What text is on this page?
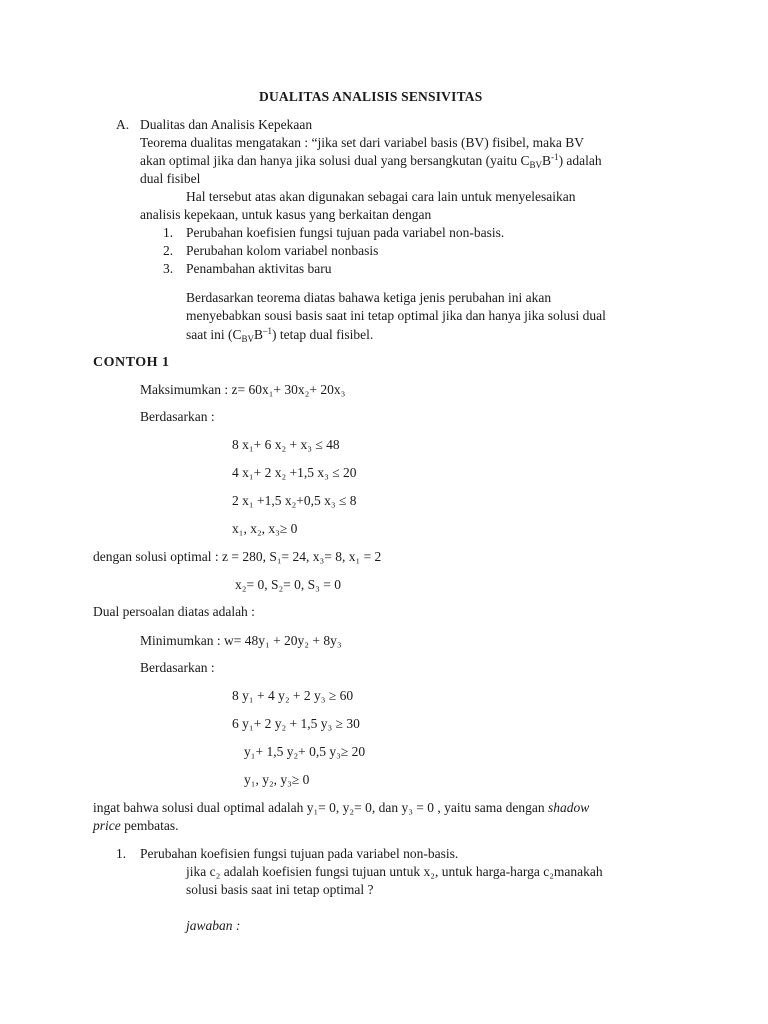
DUALITAS ANALISIS SENSIVITAS
A. Dualitas dan Analisis Kepekaan
Teorema dualitas mengatakan : “jika set dari variabel basis (BV) fisibel, maka BV
akan optimal jika dan hanya jika solusi dual yang bersangkutan (yaitu $C_{BV}B^{-1}$) adalah
dual fisibel
Hal tersebut atas akan digunakan sebagai cara lain untuk menyelesaikan
analisis kepekaan, untuk kasus yang berkaitan dengan
1. Perubahan koefisien fungsi tujuan pada variabel non-basis.
2. Perubahan kolom variabel nonbasis
3. Penambahan aktivitas baru
Berdasarkan teorema diatas bahawa ketiga jenis perubahan ini akan
menyebabkan sousi basis saat ini tetap optimal jika dan hanya jika solusi dual
saat ini $(C_{BV}B^{-1})$ tetap dual fisibel.
CONTOH 1
Maksimumkan : z= 60x₁+ 30x₂+ 20x₃
Berdasarkan :
8 x₁+ 6 x₂ + x₃ ≤ 48
4 x₁+ 2 x₂ +1,5 x₃ ≤ 20
2 x₁ +1,5 x₂+0,5 x₃ ≤ 8
x₁, x₂, x₃≥ 0
dengan solusi optimal : z = 280, S₁= 24, x₃= 8, x₁ = 2
x₂= 0, S₂= 0, S₃ = 0
Dual persoalan diatas adalah :
Minimumkan : w= 48y₁ + 20y₂ + 8y₃
Berdasarkan :
8 y₁ + 4 y₂ + 2 y₃ ≥ 60
6 y₁+ 2 y₂ + 1,5 y₃ ≥ 30
y₁+ 1,5 y₂+ 0,5 y₃≥ 20
y₁, y₂, y₃≥ 0
ingat bahwa solusi dual optimal adalah y₁= 0, y₂= 0, dan y₃ = 0 , yaitu sama dengan shadow
price pembatas.
1. Perubahan koefisien fungsi tujuan pada variabel non-basis.
jika c₂ adalah koefisien fungsi tujuan untuk x₂, untuk harga-harga c₂manakah
solusi basis saat ini tetap optimal ?
jawaban :
